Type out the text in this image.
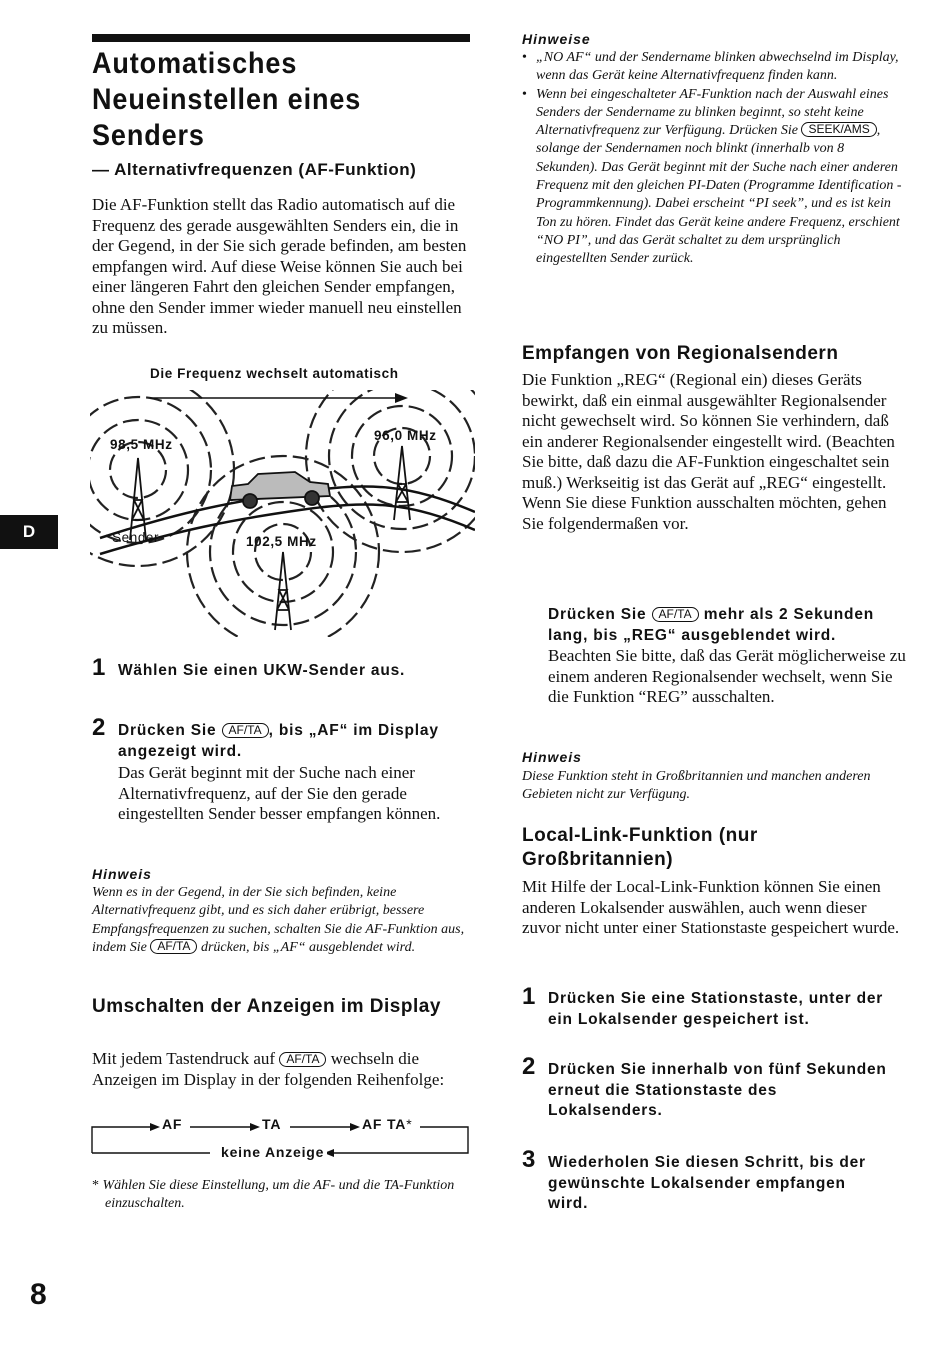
Automatisches Neueinstellen eines Senders
— Alternativfrequenzen (AF-Funktion)

Die AF-Funktion stellt das Radio automatisch auf die Frequenz des gerade ausgewählten Senders ein, die in der Gegend, in der Sie sich gerade befinden, am besten empfangen wird. Auf diese Weise können Sie auch bei einer längeren Fahrt den gleichen Sender empfangen, ohne den Sender immer wieder manuell neu einstellen zu müssen.

Die Frequenz wechselt automatisch
98,5 MHz
96,0 MHz
102,5 MHz
Sender
D
1 Wählen Sie einen UKW-Sender aus.

2 Drücken Sie AF/TA , bis „AF“ im Display angezeigt wird.

Das Gerät beginnt mit der Suche nach einer Alternativfrequenz, auf der Sie den gerade eingestellten Sender besser empfangen können.

Hinweis

Wenn es in der Gegend, in der Sie sich befinden, keine Alternativfrequenz gibt, und es sich daher erübrigt, bessere Empfangsfrequenzen zu suchen, schalten Sie die AF-Funktion aus, indem Sie AF/TA drücken, bis „AF“ ausgeblendet wird.

Umschalten der Anzeigen im Display

Mit jedem Tastendruck auf AF/TA wechseln die Anzeigen im Display in der folgenden Reihenfolge:

AF	TA	AF TA*
keine Anzeige

* Wählen Sie diese Einstellung, um die AF- und die TA-Funktion einzuschalten.

8
Hinweise
• „NO AF“ und der Sendername blinken abwechselnd im Display, wenn das Gerät keine Alternativfrequenz finden kann.
• Wenn bei eingeschalteter AF-Funktion nach der Auswahl eines Senders der Sendername zu blinken beginnt, so steht keine Alternativfrequenz zur Verfügung. Drücken Sie SEEK/AMS , solange der Sendernamen noch blinkt (innerhalb von 8 Sekunden). Das Gerät beginnt mit der Suche nach einer anderen Frequenz mit den gleichen PI-Daten (Programme Identification - Programmkennung). Dabei erscheint “PI seek”, und es ist kein Ton zu hören. Findet das Gerät keine andere Frequenz, erschient “NO PI”, und das Gerät schaltet zu dem ursprünglich eingestellten Sender zurück.
Empfangen von Regionalsendern

Die Funktion „REG“ (Regional ein) dieses Geräts bewirkt, daß ein einmal ausgewählter Regionalsender nicht gewechselt wird. So können Sie verhindern, daß ein anderer Regionalsender eingestellt wird. (Beachten Sie bitte, daß dazu die AF-Funktion eingeschaltet sein muß.) Werkseitig ist das Gerät auf „REG“ eingestellt. Wenn Sie diese Funktion ausschalten möchten, gehen Sie folgendermaßen vor.

Drücken Sie AF/TA mehr als 2 Sekunden lang, bis „REG“ ausgeblendet wird.

Beachten Sie bitte, daß das Gerät möglicherweise zu einem anderen Regionalsender wechselt, wenn Sie die Funktion “REG” ausschalten.

Hinweis

Diese Funktion steht in Großbritannien und manchen anderen Gebieten nicht zur Verfügung.

Local-Link-Funktion (nur Großbritannien)

Mit Hilfe der Local-Link-Funktion können Sie einen anderen Lokalsender auswählen, auch wenn dieser zuvor nicht unter einer Stationstaste gespeichert wurde.

1 Drücken Sie eine Stationstaste, unter der ein Lokalsender gespeichert ist.

2 Drücken Sie innerhalb von fünf Sekunden erneut die Stationstaste des Lokalsenders.

3 Wiederholen Sie diesen Schritt, bis der gewünschte Lokalsender empfangen wird.
